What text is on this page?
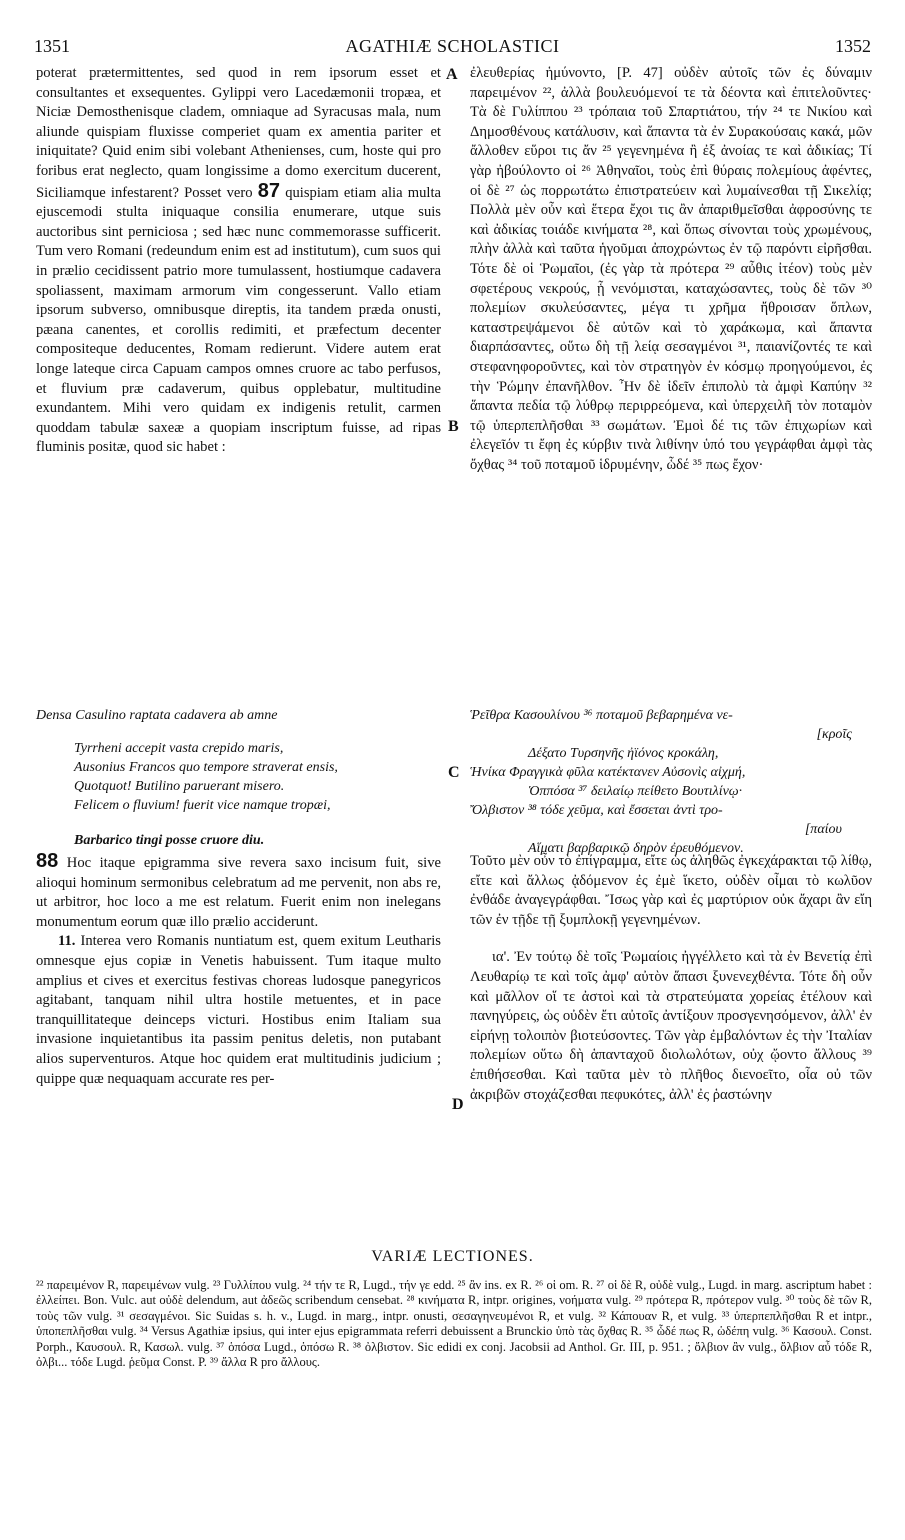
1351	AGATHIÆ SCHOLASTICI	1352

poterat prætermittentes, sed quod in rem ipsorum esset et consultantes et exsequentes. Gylippi vero Lacedæmonii tropæa, et Niciæ Demosthenisque cladem, omniaque ad Syracusas mala, num aliunde quispiam fluxisse comperiet quam ex amentia pariter et iniquitate? Quid enim sibi volebant Athenienses, cum, hoste qui pro foribus erat neglecto, quam longissime a domo exercitum ducerent, Siciliamque infestarent? Posset vero 87 quispiam etiam alia multa ejuscemodi stulta iniquaque consilia enumerare, utque suis auctoribus sint perniciosa ; sed hæc nunc commemorasse sufficerit. Tum vero Romani (redeundum enim est ad institutum), cum suos qui in prælio cecidissent patrio more tumulassent, hostiumque cadavera spoliassent, maximam armorum vim congesserunt. Vallo etiam ipsorum subverso, omnibusque direptis, ita tandem præda onusti, pæana canentes, et corollis redimiti, et præfectum decenter compositeque deducentes, Romam redierunt. Videre autem erat longe lateque circa Capuam campos omnes cruore ac tabo perfusos, et fluvium præ cadaverum, quibus opplebatur, multitudine exundantem. Mihi vero quidam ex indigenis retulit, carmen quoddam tabulæ saxeæ a quopiam inscriptum fuisse, ad ripas fluminis positæ, quod sic habet :

Densa Casulino raptata cadavera ab amne
Tyrrheni accepit vasta crepido maris,
Ausonius Francos quo tempore straverat ensis,
Quotquot! Butilino paruerant misero.
Felicem o fluvium! fuerit vice namque tropæi,
Barbarico tingi posse cruore diu.

88 Hoc itaque epigramma sive revera saxo incisum fuit, sive alioqui hominum sermonibus celebratum ad me pervenit, non abs re, ut arbitror, hoc loco a me est relatum. Fuerit enim non inelegans monumentum eorum quæ illo prælio acciderunt.

11. Interea vero Romanis nuntiatum est, quem exitum Leutharis omnesque ejus copiæ in Venetis habuissent. Tum itaque multo amplius et cives et exercitus festivas choreas ludosque panegyricos agitabant, tanquam nihil ultra hostile metuentes, et in pace tranquillitateque deinceps victuri. Hostibus enim Italiam sua invasione inquietantibus ita passim penitus deletis, non putabant alios superventuros. Atque hoc quidem erat multitudinis judicium ; quippe quæ nequaquam accurate res per-

A
B
C
D

ἐλευθερίας ἡμύνοντο, [P. 47] οὐδὲν αὐτοῖς τῶν ἐς δύναμιν παρειμένον ²², ἀλλὰ βουλευόμενοί τε τὰ δέοντα καὶ ἐπιτελοῦντες· Τὰ δὲ Γυλίππου ²³ τρόπαια τοῦ Σπαρτιάτου, τήν ²⁴ τε Νικίου καὶ Δημοσθένους κατάλυσιν, καὶ ἅπαντα τὰ ἐν Συρακούσαις κακά, μῶν ἄλλοθεν εὕροι τις ἄν ²⁵ γεγενημένα ἢ ἐξ ἀνοίας τε καὶ ἀδικίας; Τί γὰρ ἠβούλοντο οἱ ²⁶ Ἀθηναῖοι, τοὺς ἐπὶ θύραις πολεμίους ἀφέντες, οἱ δὲ ²⁷ ὡς πορρωτάτω ἐπιστρατεύειν καὶ λυμαίνεσθαι τῇ Σικελίᾳ; Πολλὰ μὲν οὖν καὶ ἕτερα ἔχοι τις ἂν ἀπαριθμεῖσθαι ἀφροσύνης τε καὶ ἀδικίας τοιάδε κινήματα ²⁸, καὶ ὅπως σίνονται τοὺς χρωμένους, πλὴν ἀλλὰ καὶ ταῦτα ἡγοῦμαι ἀποχρώντως ἐν τῷ παρόντι εἰρῆσθαι. Τότε δὲ οἱ Ῥωμαῖοι, (ἐς γὰρ τὰ πρότερα ²⁹ αὖθις ἰτέον) τοὺς μὲν σφετέρους νεκρούς, ᾗ νενόμισται, καταχώσαντες, τοὺς δὲ τῶν ³⁰ πολεμίων σκυλεύσαντες, μέγα τι χρῆμα ἤθροισαν ὅπλων, καταστρεψάμενοι δὲ αὐτῶν καὶ τὸ χαράκωμα, καὶ ἅπαντα διαρπάσαντες, οὕτω δὴ τῇ λείᾳ σεσαγμένοι ³¹, παιανίζοντές τε καὶ στεφανηφοροῦντες, καὶ τὸν στρατηγὸν ἐν κόσμῳ προηγούμενοι, ἐς τὴν Ῥώμην ἐπανῆλθον. Ἦν δὲ ἰδεῖν ἐπιπολὺ τὰ ἀμφὶ Καπύην ³² ἅπαντα πεδία τῷ λύθρῳ περιρρεόμενα, καὶ ὑπερχειλῆ τὸν ποταμὸν τῷ ὑπερπεπλῆσθαι ³³ σωμάτων. Ἐμοὶ δέ τις τῶν ἐπιχωρίων καὶ ἐλεγεῖόν τι ἔφη ἐς κύρβιν τινὰ λιθίνην ὑπό του γεγράφθαι ἀμφὶ τὰς ὄχθας ³⁴ τοῦ ποταμοῦ ἱδρυμένην, ὧδέ ³⁵ πως ἔχον·

Ῥεῖθρα Κασουλίνου ³⁶ ποταμοῦ βεβαρημένα νε-
[κροῖς
Δέξατο Τυρσηνῆς ἠϊόνος κροκάλη,
Ἡνίκα Φραγγικὰ φῦλα κατέκτανεν Αὐσονὶς αἰχμή,
Ὁππόσα ³⁷ δειλαίῳ πείθετο Βουτιλίνῳ·
Ὄλβιστον ³⁸ τόδε χεῦμα, καὶ ἔσσεται ἀντὶ τρο-
[παίου
Αἵματι βαρβαρικῷ δηρὸν ἐρευθόμενον.

Τοῦτο μὲν οὖν τὸ ἐπίγραμμα, εἴτε ὡς ἀληθῶς ἐγκεχάρακται τῷ λίθῳ, εἴτε καὶ ἄλλως ᾀδόμενον ἐς ἐμὲ ἵκετο, οὐδὲν οἶμαι τὸ κωλῦον ἐνθάδε ἀναγεγράφθαι. Ἴσως γὰρ καὶ ἐς μαρτύριον οὐκ ἄχαρι ἂν εἴη τῶν ἐν τῇδε τῇ ξυμπλοκῇ γεγενημένων.

ια'. Ἐν τούτῳ δὲ τοῖς Ῥωμαίοις ἠγγέλλετο καὶ τὰ ἐν Βενετίᾳ ἐπὶ Λευθαρίῳ τε καὶ τοῖς ἀμφ' αὐτὸν ἅπασι ξυνενεχθέντα. Τότε δὴ οὖν καὶ μᾶλλον οἵ τε ἀστοὶ καὶ τὰ στρατεύματα χορείας ἐτέλουν καὶ πανηγύρεις, ὡς οὐδὲν ἔτι αὐτοῖς ἀντίξουν προσγενησόμενον, ἀλλ' ἐν εἰρήνῃ τολοιπὸν βιοτεύσοντες. Τῶν γὰρ ἐμβαλόντων ἐς τὴν Ἰταλίαν πολεμίων οὕτω δὴ ἁπανταχοῦ διολωλότων, οὐχ ᾤοντο ἄλλους ³⁹ ἐπιθήσεσθαι. Καὶ ταῦτα μὲν τὸ πλῆθος διενοεῖτο, οἷα οὐ τῶν ἀκριβῶν στοχάζεσθαι πεφυκότες, ἀλλ' ἐς ῥαστώνην

VARIÆ LECTIONES.
²² παρειμένον R, παρειμένων vulg. ²³ Γυλλίπου vulg. ²⁴ τήν τε R, Lugd., τήν γε edd. ²⁵ ἂν ins. ex R. ²⁶ οἱ om. R. ²⁷ οἱ δὲ R, οὐδὲ vulg., Lugd. in marg. ascriptum habet : ἐλλείπει. Bon. Vulc. aut οὐδὲ delendum, aut ἀδεῶς scribendum censebat. ²⁸ κινήματα R, intpr. origines, νοήματα vulg. ²⁹ πρότερα R, πρότερον vulg. ³⁰ τοὺς δὲ τῶν R, τοὺς τῶν vulg. ³¹ σεσαγμένοι. Sic Suidas s. h. v., Lugd. in marg., intpr. onusti, σεσαγηνευμένοι R, et vulg. ³² Κάπουαν R, et vulg. ³³ ὑπερπεπλῆσθαι R et intpr., ὑποπεπλῆσθαι vulg. ³⁴ Versus Agathiæ ipsius, qui inter ejus epigrammata referri debuissent a Brunckio ὑπὸ τὰς ὄχθας R. ³⁵ ὧδέ πως R, ὡδέπη vulg. ³⁶ Κασουλ. Const. Porph., Καυσουλ. R, Κασωλ. vulg. ³⁷ ὁπόσα Lugd., ὁπόσω R. ³⁸ ὀλβιστον. Sic edidi ex conj. Jacobsii ad Anthol. Gr. III, p. 951. ; ὄλβιον ἂν vulg., ὄλβιον αὖ τόδε R, ὀλβι... τόδε Lugd. ῥεῦμα Const. P. ³⁹ ἄλλα R pro ἄλλους.
